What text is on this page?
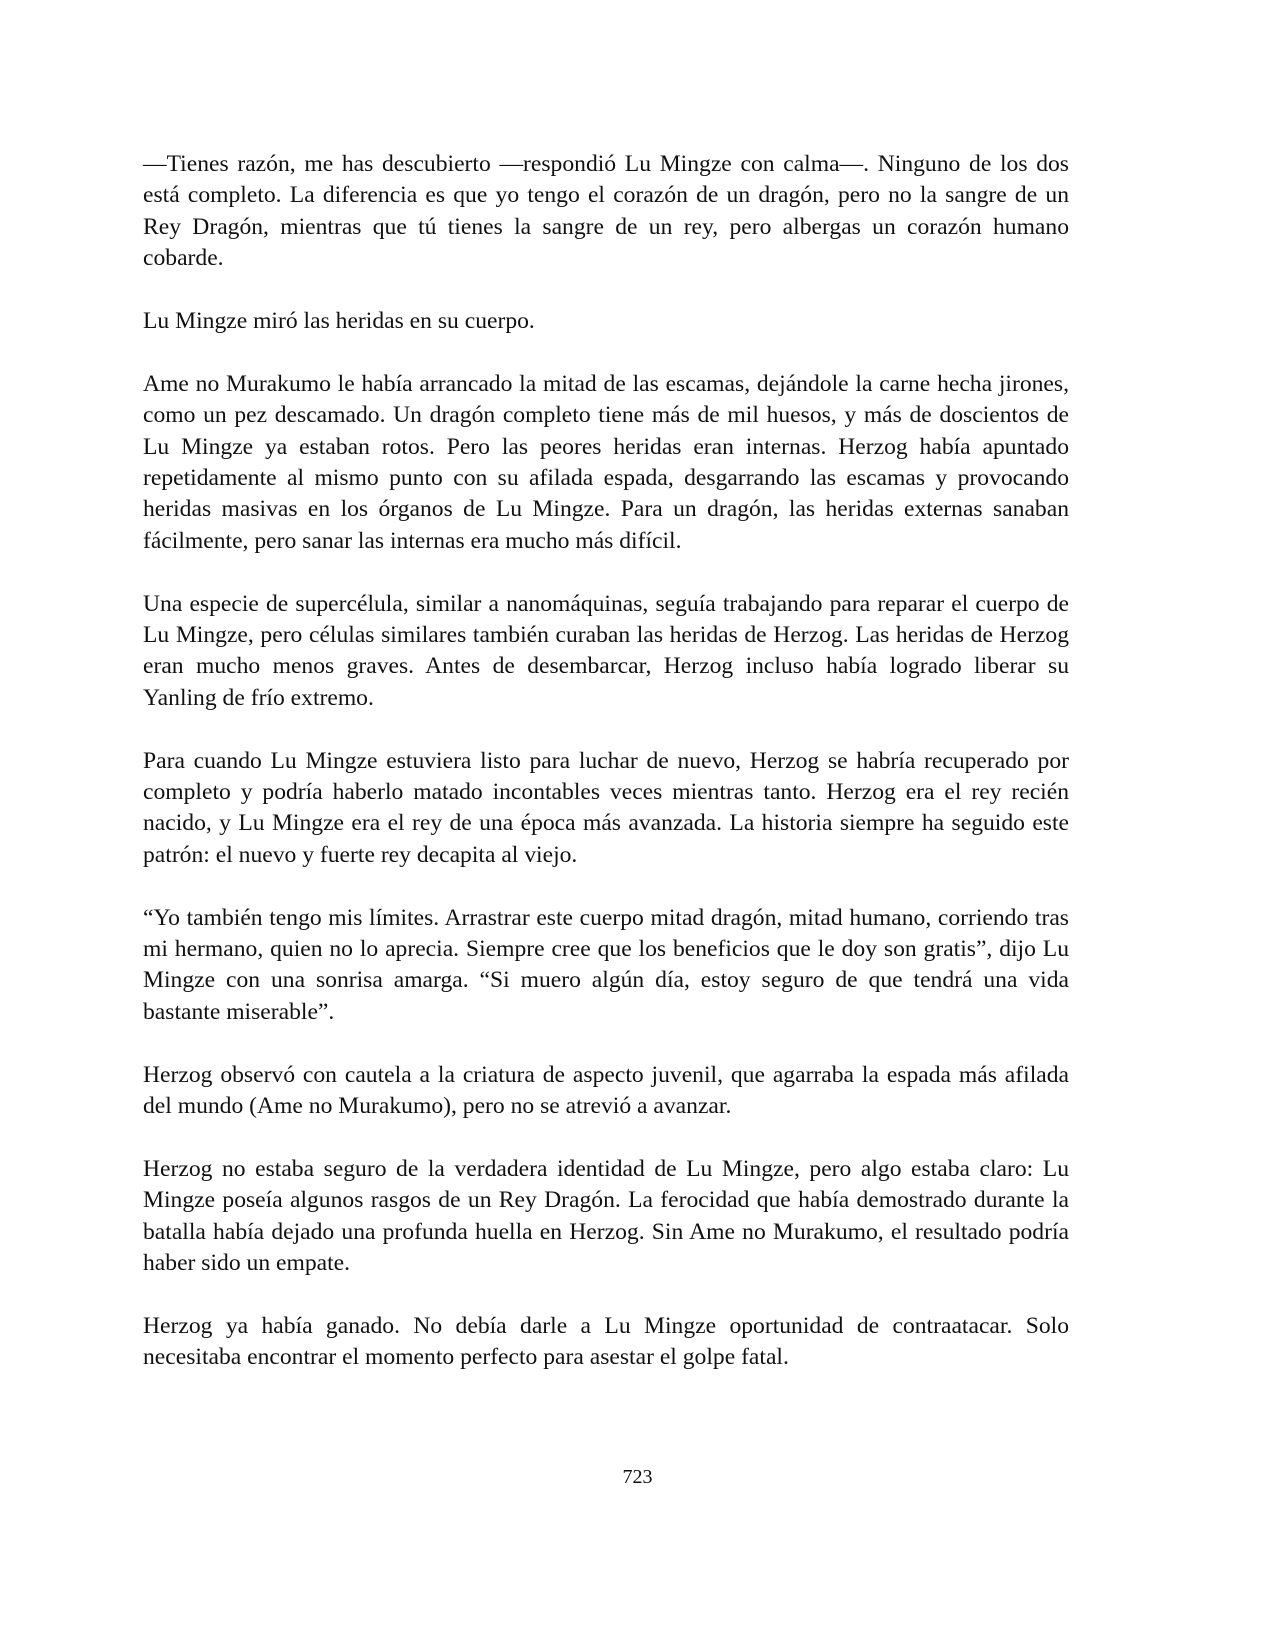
—Tienes razón, me has descubierto —respondió Lu Mingze con calma—. Ninguno de los dos
está completo. La diferencia es que yo tengo el corazón de un dragón, pero no la sangre de un
Rey Dragón, mientras que tú tienes la sangre de un rey, pero albergas un corazón humano
cobarde.
Lu Mingze miró las heridas en su cuerpo.
Ame no Murakumo le había arrancado la mitad de las escamas, dejándole la carne hecha jirones,
como un pez descamado. Un dragón completo tiene más de mil huesos, y más de doscientos de
Lu Mingze ya estaban rotos. Pero las peores heridas eran internas. Herzog había apuntado
repetidamente al mismo punto con su afilada espada, desgarrando las escamas y provocando
heridas masivas en los órganos de Lu Mingze. Para un dragón, las heridas externas sanaban
fácilmente, pero sanar las internas era mucho más difícil.
Una especie de supercélula, similar a nanomáquinas, seguía trabajando para reparar el cuerpo de
Lu Mingze, pero células similares también curaban las heridas de Herzog. Las heridas de Herzog
eran mucho menos graves. Antes de desembarcar, Herzog incluso había logrado liberar su
Yanling de frío extremo.
Para cuando Lu Mingze estuviera listo para luchar de nuevo, Herzog se habría recuperado por
completo y podría haberlo matado incontables veces mientras tanto. Herzog era el rey recién
nacido, y Lu Mingze era el rey de una época más avanzada. La historia siempre ha seguido este
patrón: el nuevo y fuerte rey decapita al viejo.
“Yo también tengo mis límites. Arrastrar este cuerpo mitad dragón, mitad humano, corriendo tras
mi hermano, quien no lo aprecia. Siempre cree que los beneficios que le doy son gratis”, dijo Lu
Mingze con una sonrisa amarga. “Si muero algún día, estoy seguro de que tendrá una vida
bastante miserable”.
Herzog observó con cautela a la criatura de aspecto juvenil, que agarraba la espada más afilada
del mundo (Ame no Murakumo), pero no se atrevió a avanzar.
Herzog no estaba seguro de la verdadera identidad de Lu Mingze, pero algo estaba claro: Lu
Mingze poseía algunos rasgos de un Rey Dragón. La ferocidad que había demostrado durante la
batalla había dejado una profunda huella en Herzog. Sin Ame no Murakumo, el resultado podría
haber sido un empate.
Herzog ya había ganado. No debía darle a Lu Mingze oportunidad de contraatacar. Solo
necesitaba encontrar el momento perfecto para asestar el golpe fatal.
723
